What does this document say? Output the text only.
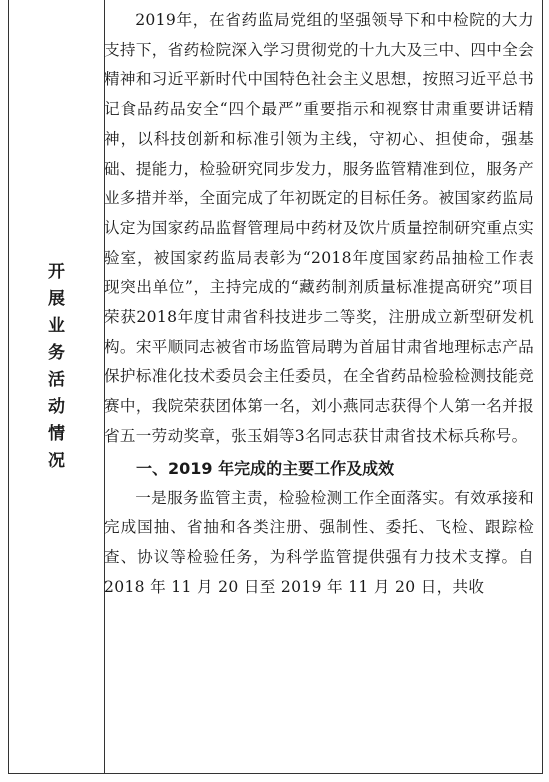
开展业务活动情况

2019年，在省药监局党组的坚强领导下和中检院的大力支持下，省药检院深入学习贯彻党的十九大及三中、四中全会精神和习近平新时代中国特色社会主义思想，按照习近平总书记食品药品安全“四个最严”重要指示和视察甘肃重要讲话精神，以科技创新和标准引领为主线，守初心、担使命，强基础、提能力，检验研究同步发力，服务监管精准到位，服务产业多措并举，全面完成了年初既定的目标任务。被国家药监局认定为国家药品监督管理局中药材及饮片质量控制研究重点实验室，被国家药监局表彰为“2018年度国家药品抽检工作表现突出单位”，主持完成的“藏药制剂质量标准提高研究”项目荣获2018年度甘肃省科技进步二等奖，注册成立新型研发机构。宋平顺同志被省市场监管局聘为首届甘肃省地理标志产品保护标准化技术委员会主任委员，在全省药品检验检测技能竞赛中，我院荣获团体第一名，刘小燕同志获得个人第一名并报省五一劳动奖章，张玉娟等3名同志获甘肃省技术标兵称号。

一、2019 年完成的主要工作及成效

一是服务监管主责，检验检测工作全面落实。有效承接和完成国抽、省抽和各类注册、强制性、委托、飞检、跟踪检查、协议等检验任务，为科学监管提供强有力技术支撑。自 2018 年 11 月 20 日至 2019 年 11 月 20 日，共收
